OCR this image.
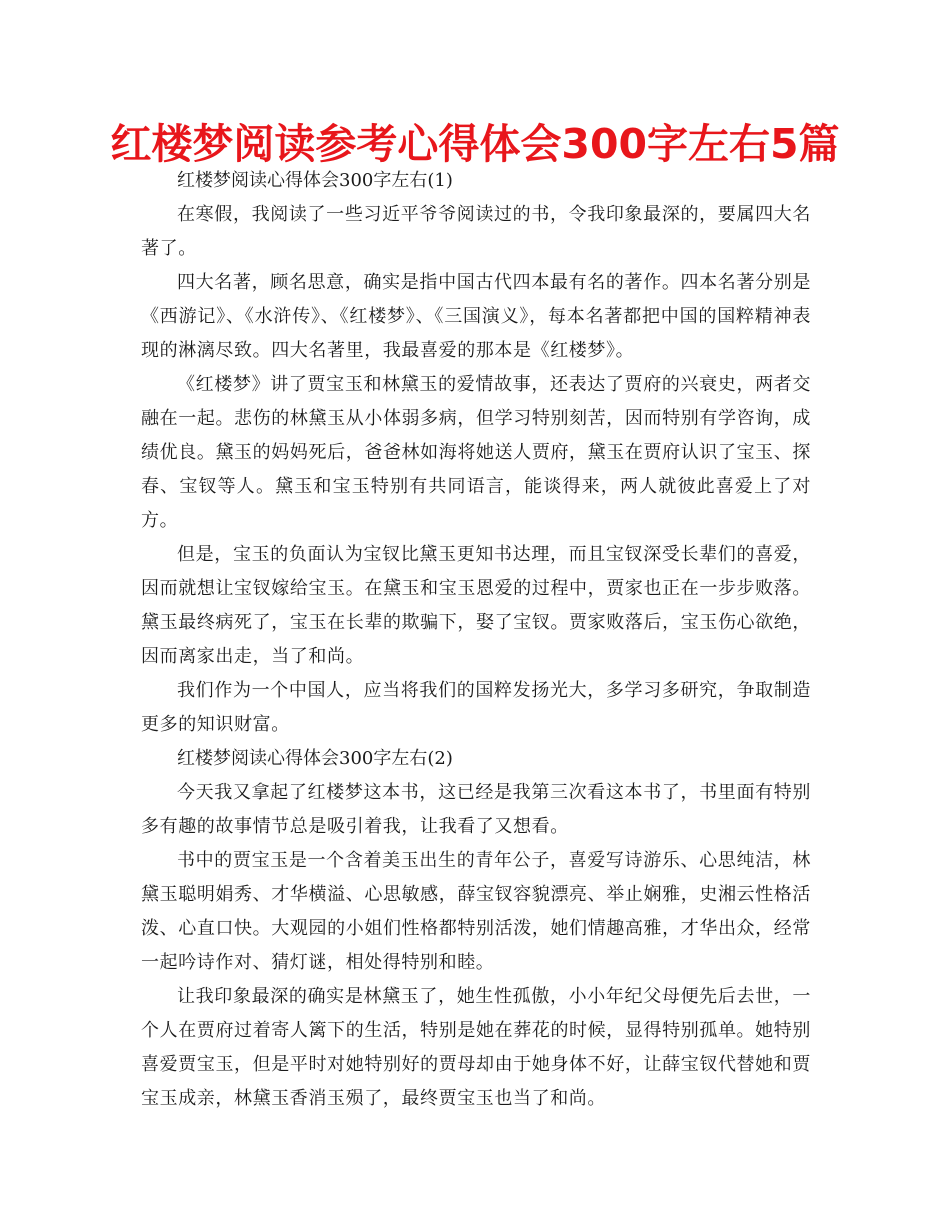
红楼梦阅读参考心得体会300字左右5篇

红楼梦阅读心得体会300字左右(1)

在寒假，我阅读了一些习近平爷爷阅读过的书，令我印象最深的，要属四大名著了。

四大名著，顾名思意，确实是指中国古代四本最有名的著作。四本名著分别是《西游记》、《水浒传》、《红楼梦》、《三国演义》，每本名著都把中国的国粹精神表现的淋漓尽致。四大名著里，我最喜爱的那本是《红楼梦》。

《红楼梦》讲了贾宝玉和林黛玉的爱情故事，还表达了贾府的兴衰史，两者交融在一起。悲伤的林黛玉从小体弱多病，但学习特别刻苦，因而特别有学咨询，成绩优良。黛玉的妈妈死后，爸爸林如海将她送人贾府，黛玉在贾府认识了宝玉、探春、宝钗等人。黛玉和宝玉特别有共同语言，能谈得来，两人就彼此喜爱上了对方。

但是，宝玉的负面认为宝钗比黛玉更知书达理，而且宝钗深受长辈们的喜爱，因而就想让宝钗嫁给宝玉。在黛玉和宝玉恩爱的过程中，贾家也正在一步步败落。黛玉最终病死了，宝玉在长辈的欺骗下，娶了宝钗。贾家败落后，宝玉伤心欲绝，因而离家出走，当了和尚。

我们作为一个中国人，应当将我们的国粹发扬光大，多学习多研究，争取制造更多的知识财富。

红楼梦阅读心得体会300字左右(2)

今天我又拿起了红楼梦这本书，这已经是我第三次看这本书了，书里面有特别多有趣的故事情节总是吸引着我，让我看了又想看。

书中的贾宝玉是一个含着美玉出生的青年公子，喜爱写诗游乐、心思纯洁，林黛玉聪明娟秀、才华横溢、心思敏感，薛宝钗容貌漂亮、举止娴雅，史湘云性格活泼、心直口快。大观园的小姐们性格都特别活泼，她们情趣高雅，才华出众，经常一起吟诗作对、猜灯谜，相处得特别和睦。

让我印象最深的确实是林黛玉了，她生性孤傲，小小年纪父母便先后去世，一个人在贾府过着寄人篱下的生活，特别是她在葬花的时候，显得特别孤单。她特别喜爱贾宝玉，但是平时对她特别好的贾母却由于她身体不好，让薛宝钗代替她和贾宝玉成亲，林黛玉香消玉殒了，最终贾宝玉也当了和尚。
